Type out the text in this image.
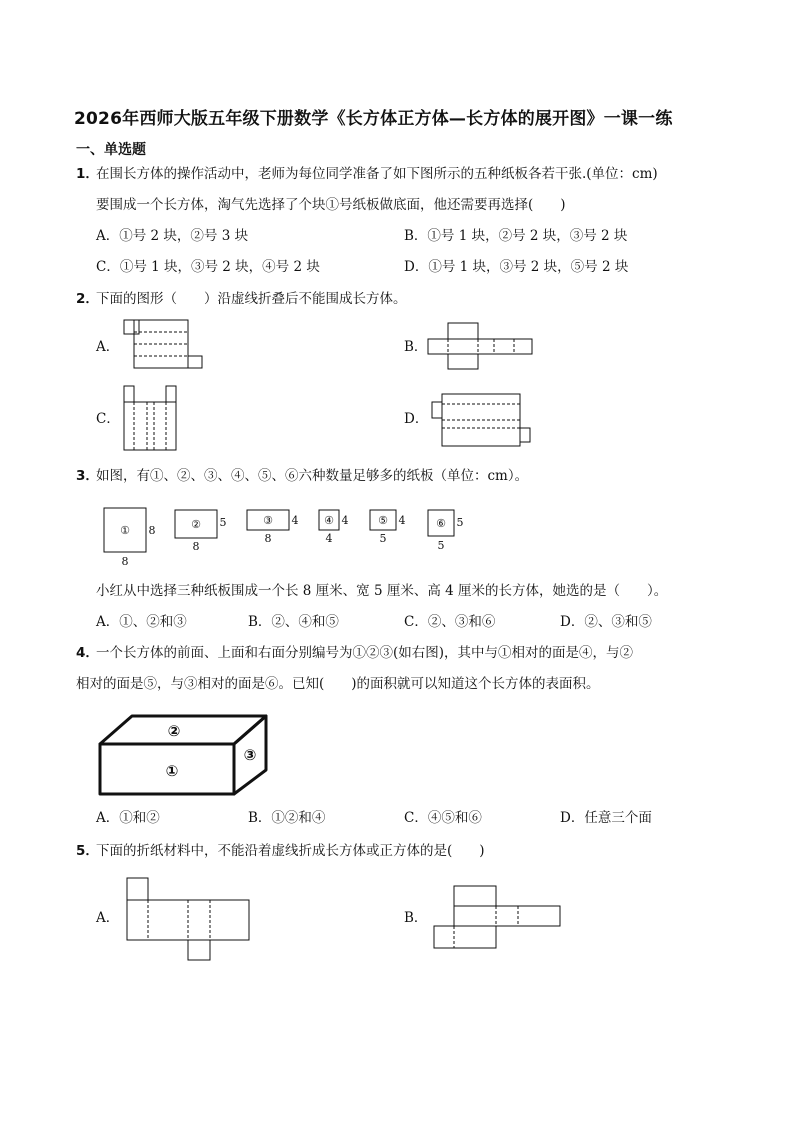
2026年西师大版五年级下册数学《长方体正方体—长方体的展开图》一课一练
一、单选题
1．
在围长方体的操作活动中，老师为每位同学准备了如下图所示的五种纸板各若干张.(单位：cm)
要围成一个长方体，淘气先选择了个块①号纸板做底面，他还需要再选择(　　)
A．①号 2 块，②号 3 块	B．①号 1 块，②号 2 块，③号 2 块
C．①号 1 块，③号 2 块，④号 2 块	D．①号 1 块，③号 2 块，⑤号 2 块
2．
下面的图形（　　）沿虚线折叠后不能围成长方体。
A．	B．
C．	D．
3．
如图，有①、②、③、④、⑤、⑥六种数量足够多的纸板（单位：cm）。
①	②	③	④	⑤	⑥
8
8
5
8
4
8
4
4
4
5
5
5
小红从中选择三种纸板围成一个长 8 厘米、宽 5 厘米、高 4 厘米的长方体，她选的是（　　）。
A．①、②和③	B．②、④和⑤	C．②、③和⑥	D．②、③和⑤
4．
一个长方体的前面、上面和右面分别编号为①②③(如右图)，其中与①相对的面是④，与②
相对的面是⑤，与③相对的面是⑥。已知(　　)的面积就可以知道这个长方体的表面积。
①
②
③
A．①和②	B．①②和④	C．④⑤和⑥	D．任意三个面
5．
下面的折纸材料中，不能沿着虚线折成长方体或正方体的是(　　)
A．	B．
